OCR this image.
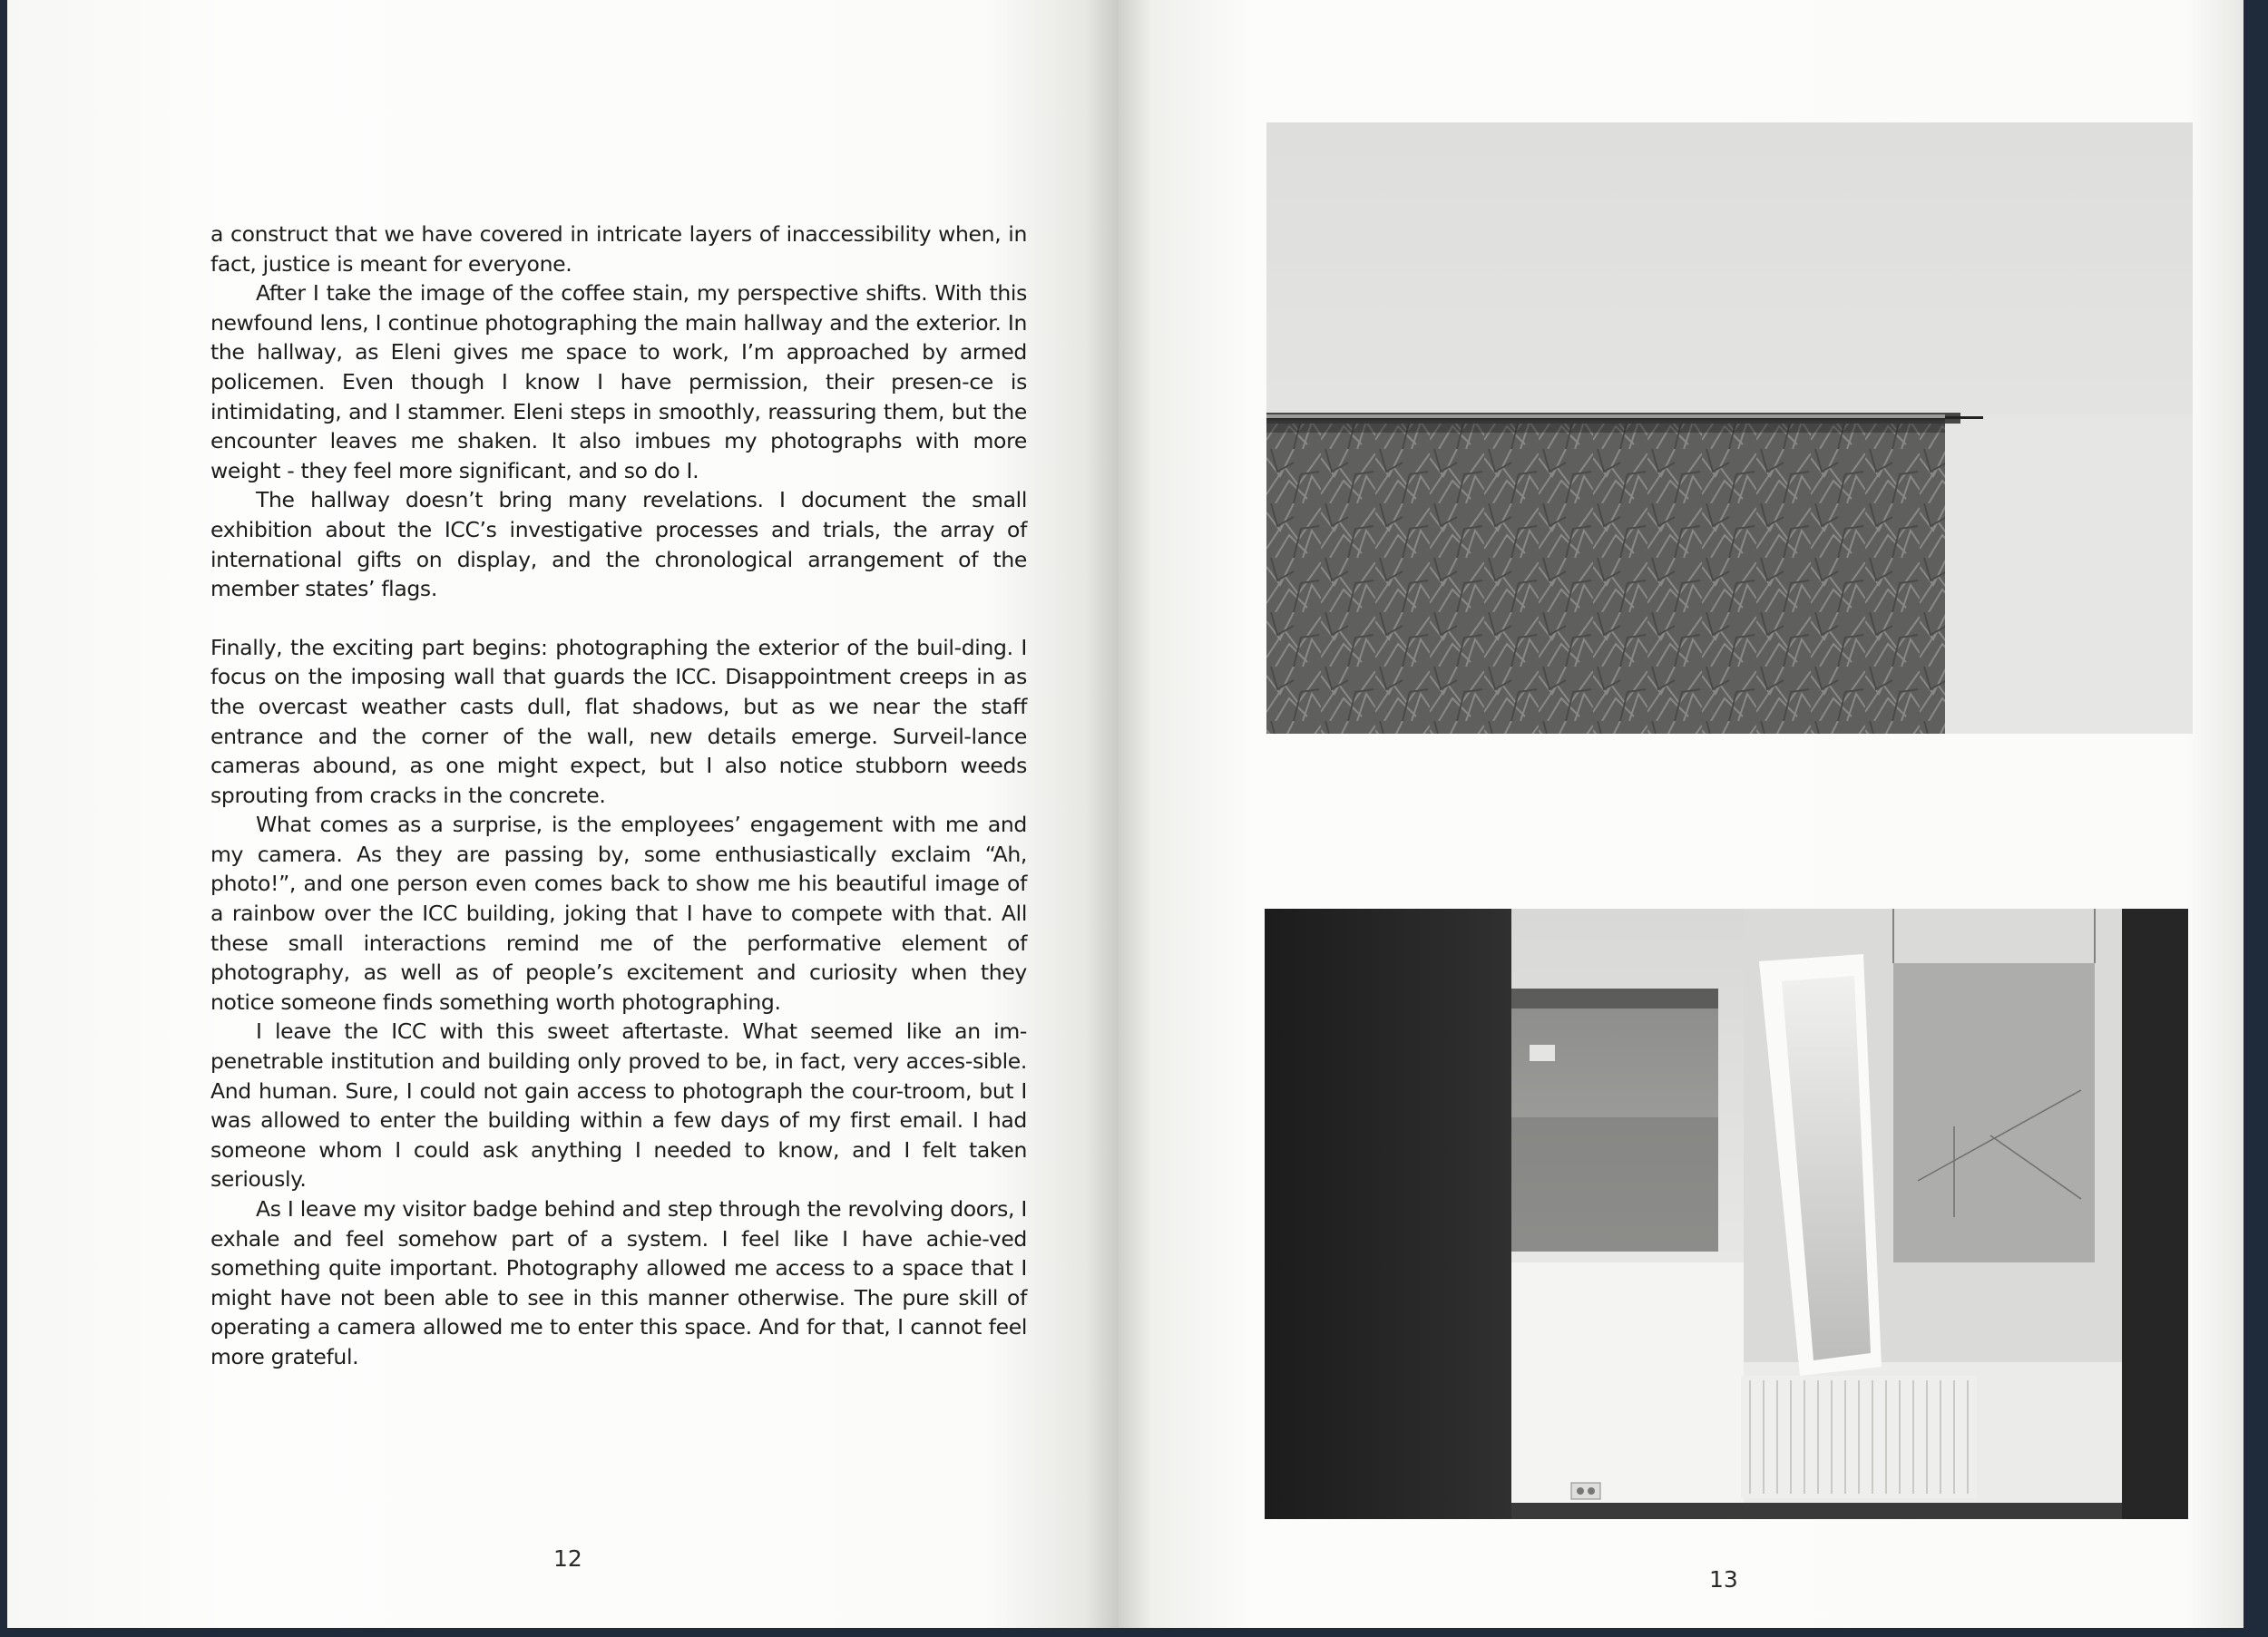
a construct that we have covered in intricate layers of inaccessibility when, in fact, justice is meant for everyone.

After I take the image of the coffee stain, my perspective shifts. With this newfound lens, I continue photographing the main hallway and the exterior. In the hallway, as Eleni gives me space to work, I’m approached by armed policemen. Even though I know I have permission, their presen-ce is intimidating, and I stammer. Eleni steps in smoothly, reassuring them, but the encounter leaves me shaken. It also imbues my photographs with more weight - they feel more significant, and so do I.

The hallway doesn’t bring many revelations. I document the small exhibition about the ICC’s investigative processes and trials, the array of international gifts on display, and the chronological arrangement of the member states’ flags.

Finally, the exciting part begins: photographing the exterior of the buil-ding. I focus on the imposing wall that guards the ICC. Disappointment creeps in as the overcast weather casts dull, flat shadows, but as we near the staff entrance and the corner of the wall, new details emerge. Surveil-lance cameras abound, as one might expect, but I also notice stubborn weeds sprouting from cracks in the concrete.

What comes as a surprise, is the employees’ engagement with me and my camera. As they are passing by, some enthusiastically exclaim “Ah, photo!”, and one person even comes back to show me his beautiful image of a rainbow over the ICC building, joking that I have to compete with that. All these small interactions remind me of the performative element of photography, as well as of people’s excitement and curiosity when they notice someone finds something worth photographing.

I leave the ICC with this sweet aftertaste. What seemed like an im-penetrable institution and building only proved to be, in fact, very acces-sible. And human. Sure, I could not gain access to photograph the cour-troom, but I was allowed to enter the building within a few days of my first email. I had someone whom I could ask anything I needed to know, and I felt taken seriously.

As I leave my visitor badge behind and step through the revolving doors, I exhale and feel somehow part of a system. I feel like I have achie-ved something quite important. Photography allowed me access to a space that I might have not been able to see in this manner otherwise. The pure skill of operating a camera allowed me to enter this space. And for that, I cannot feel more grateful.

12
13
